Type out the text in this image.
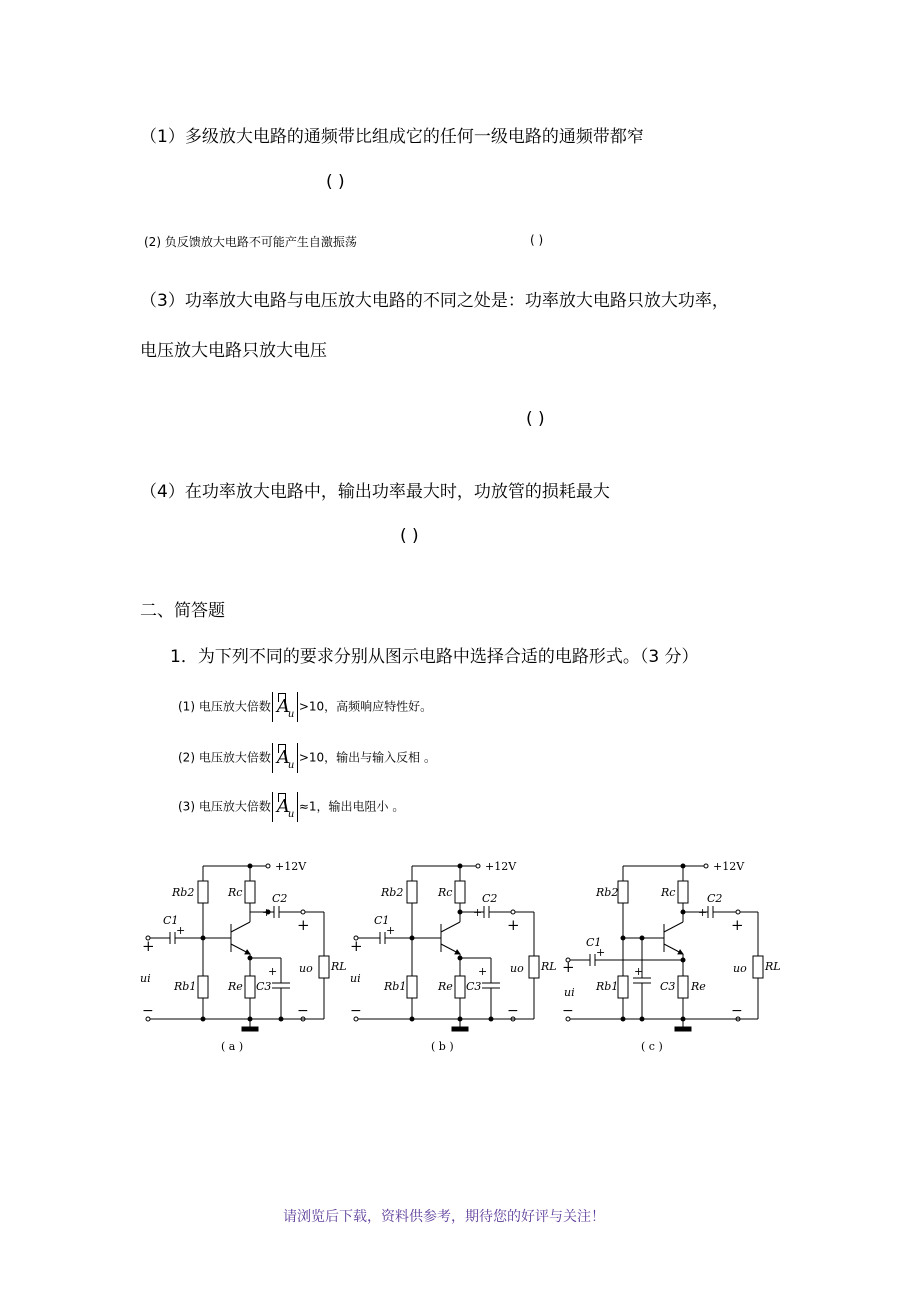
（1）多级放大电路的通频带比组成它的任何一级电路的通频带都窄
( )
(2) 负反馈放大电路不可能产生自激振荡	( )
（3）功率放大电路与电压放大电路的不同之处是：功率放大电路只放大功率，
电压放大电路只放大电压
( )
（4）在功率放大电路中，输出功率最大时，功放管的损耗最大
( )
二、简答题
1．为下列不同的要求分别从图示电路中选择合适的电路形式。（3 分）
(1) 电压放大倍数 A
u
>10，高频响应特性好。
(2) 电压放大倍数 A
u
>10，输出与输入反相 。
(3) 电压放大倍数 A
u
≈1，输出电阻小 。
+12V
Rb2	Rc	C2
+
C1
+
+
+
+
ui
Rb1	Re C3
uo RL
−	−
( a )
+12V
Rb2	Rc	C2
+
C1
+
+
+
+
ui
Rb1	Re C3
uo RL
−	−
( b )
+12V
Rb2	Rc	C2
+
C1
+
+
+
+
ui Rb1	C3 Re
uo RL
−	−
( c )
请浏览后下载，资料供参考，期待您的好评与关注！
